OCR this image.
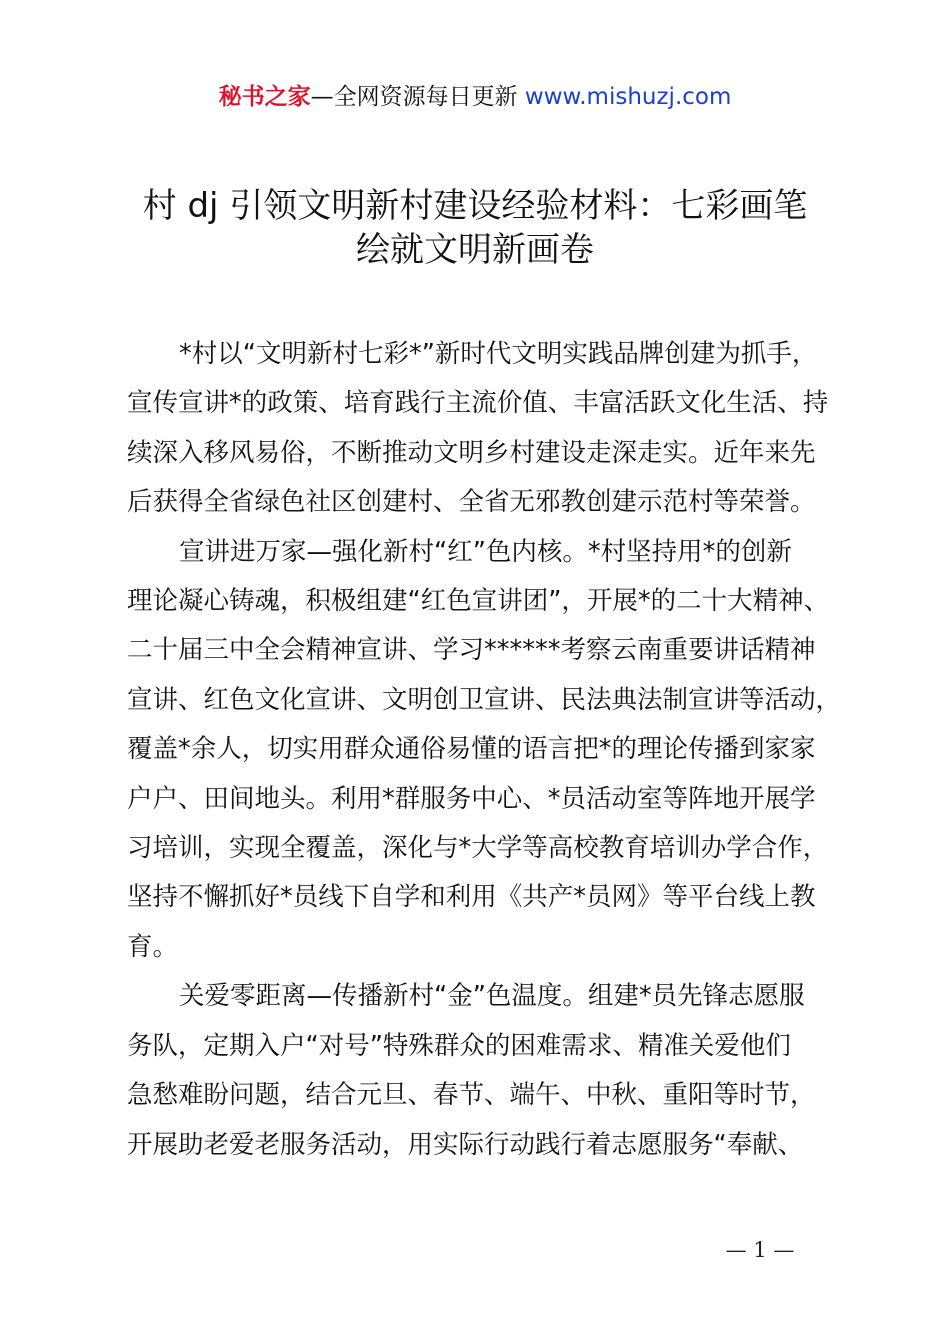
秘书之家—全网资源每日更新 www.mishuzj.com
村 dj 引领文明新村建设经验材料：七彩画笔
绘就文明新画卷
*村以“文明新村七彩*”新时代文明实践品牌创建为抓手，
宣传宣讲*的政策、培育践行主流价值、丰富活跃文化生活、持
续深入移风易俗，不断推动文明乡村建设走深走实。近年来先
后获得全省绿色社区创建村、全省无邪教创建示范村等荣誉。
宣讲进万家—强化新村“红”色内核。*村坚持用*的创新
理论凝心铸魂，积极组建“红色宣讲团”，开展*的二十大精神、
二十届三中全会精神宣讲、学习******考察云南重要讲话精神
宣讲、红色文化宣讲、文明创卫宣讲、民法典法制宣讲等活动，
覆盖*余人，切实用群众通俗易懂的语言把*的理论传播到家家
户户、田间地头。利用*群服务中心、*员活动室等阵地开展学
习培训，实现全覆盖，深化与*大学等高校教育培训办学合作，
坚持不懈抓好*员线下自学和利用《共产*员网》等平台线上教
育。
关爱零距离—传播新村“金”色温度。组建*员先锋志愿服
务队，定期入户“对号”特殊群众的困难需求、精准关爱他们
急愁难盼问题，结合元旦、春节、端午、中秋、重阳等时节，
开展助老爱老服务活动，用实际行动践行着志愿服务“奉献、
— 1 —
